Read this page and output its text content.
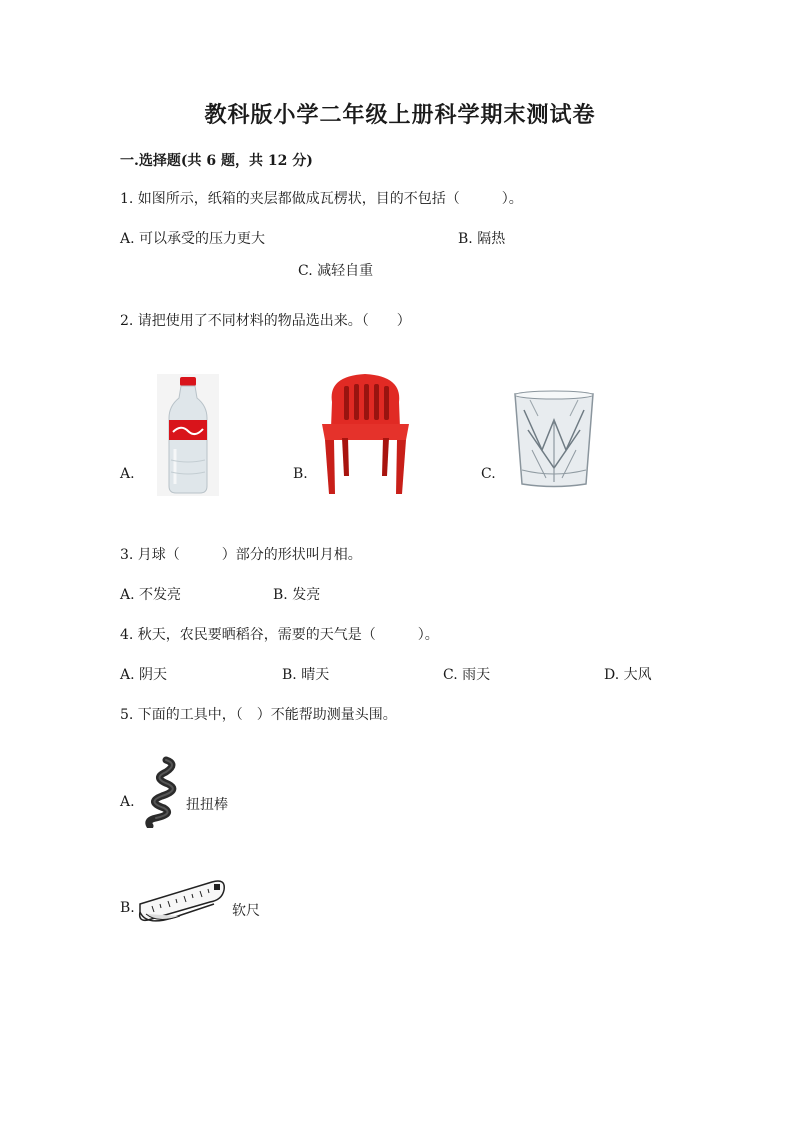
教科版小学二年级上册科学期末测试卷
一.选择题(共 6 题，共 12 分)
1. 如图所示，纸箱的夹层都做成瓦楞状，目的不包括（　　　）。
A. 可以承受的压力更大	B. 隔热
C. 减轻自重
2. 请把使用了不同材料的物品选出来。（　　）
A.	B.	C.
3. 月球（　　　）部分的形状叫月相。
A. 不发亮	B. 发亮
4. 秋天，农民要晒稻谷，需要的天气是（　　　）。
A. 阴天	B. 晴天	C. 雨天	D. 大风
5. 下面的工具中，（　）不能帮助测量头围。
A.	扭扭棒
B.	软尺
